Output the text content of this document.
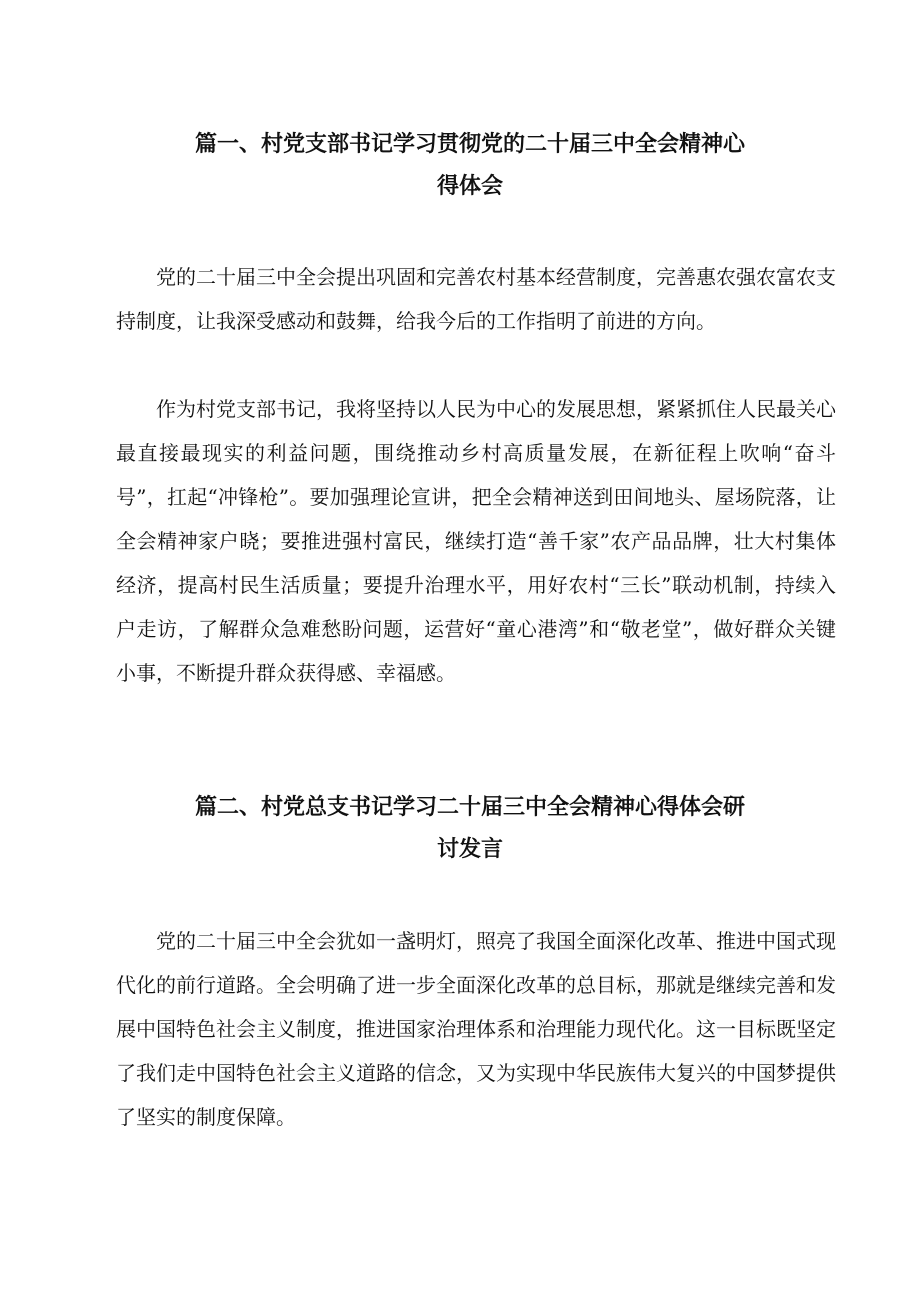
篇一、村党支部书记学习贯彻党的二十届三中全会精神心
得体会

党的二十届三中全会提出巩固和完善农村基本经营制度，完善惠农强农富农支持制度，让我深受感动和鼓舞，给我今后的工作指明了前进的方向。

作为村党支部书记，我将坚持以人民为中心的发展思想，紧紧抓住人民最关心最直接最现实的利益问题，围绕推动乡村高质量发展，在新征程上吹响“奋斗号”，扛起“冲锋枪”。要加强理论宣讲，把全会精神送到田间地头、屋场院落，让全会精神家户晓；要推进强村富民，继续打造“善千家”农产品品牌，壮大村集体经济，提高村民生活质量；要提升治理水平，用好农村“三长”联动机制，持续入户走访，了解群众急难愁盼问题，运营好“童心港湾”和“敬老堂”，做好群众关键小事，不断提升群众获得感、幸福感。

篇二、村党总支书记学习二十届三中全会精神心得体会研
讨发言

党的二十届三中全会犹如一盏明灯，照亮了我国全面深化改革、推进中国式现代化的前行道路。全会明确了进一步全面深化改革的总目标，那就是继续完善和发展中国特色社会主义制度，推进国家治理体系和治理能力现代化。这一目标既坚定了我们走中国特色社会主义道路的信念，又为实现中华民族伟大复兴的中国梦提供了坚实的制度保障。
